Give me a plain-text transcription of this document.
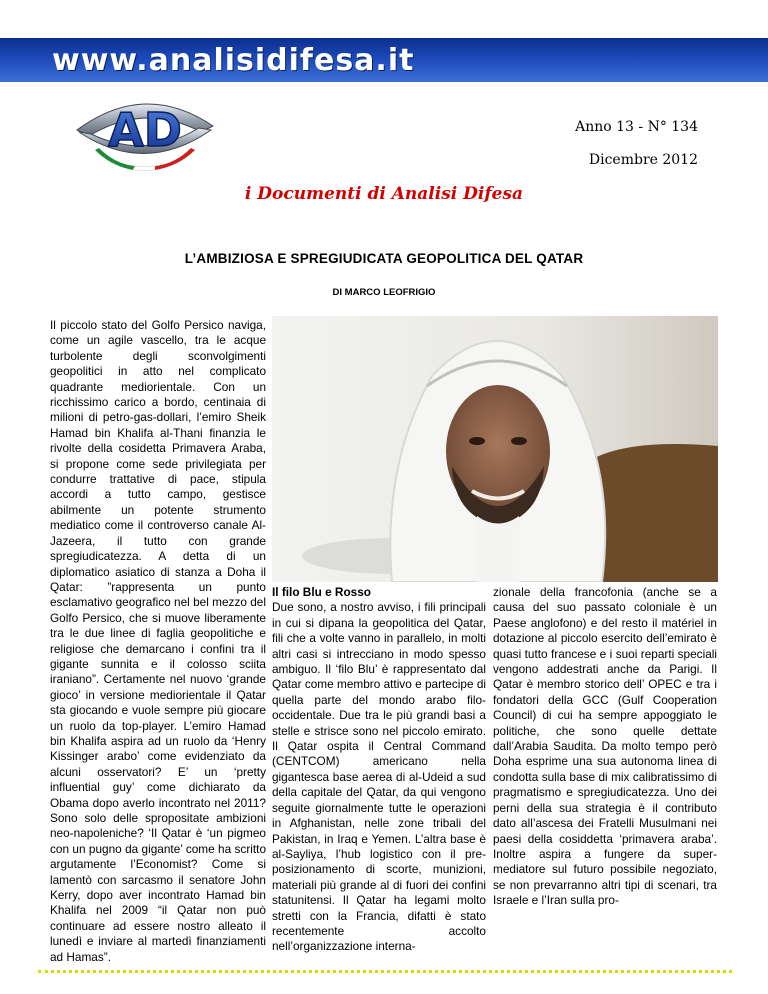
www.analisidifesa.it
AD	Anno 13 - N° 134
Dicembre 2012
i Documenti di Analisi Difesa
L’AMBIZIOSA E SPREGIUDICATA GEOPOLITICA DEL QATAR
DI MARCO LEOFRIGIO
Il piccolo stato del Golfo Persico naviga, come un agile vascello, tra le acque turbolente degli sconvolgimenti geopolitici in atto nel complicato quadrante mediorientale. Con un ricchissimo carico a bordo, centinaia di milioni di petro-gas-dollari, l’emiro Sheik Hamad bin Khalifa al-Thani finanzia le rivolte della cosidetta Primavera Araba, si propone come sede privilegiata per condurre trattative di pace, stipula accordi a tutto campo, gestisce abilmente un potente strumento mediatico come il controverso canale Al-Jazeera, il tutto con grande spregiudicatezza. A detta di un diplomatico asiatico di stanza a Doha il Qatar: ”rappresenta un punto esclamativo geografico nel bel mezzo del Golfo Persico, che si muove liberamente tra le due linee di faglia geopolitiche e religiose che demarcano i confini tra il gigante sunnita e il colosso sciita iraniano”. Certamente nel nuovo ‘grande gioco’ in versione mediorientale il Qatar sta giocando e vuole sempre più giocare un ruolo da top-player. L’emiro Hamad bin Khalifa aspira ad un ruolo da ‘Henry Kissinger arabo’ come evidenziato da alcuni osservatori? E’ un ‘pretty influential guy’ come dichiarato da Obama dopo averlo incontrato nel 2011? Sono solo delle spropositate ambizioni neo-napoleniche? ‘Il Qatar è ‘un pigmeo con un pugno da gigante’ come ha scritto argutamente l’Economist? Come si lamentò con sarcasmo il senatore John Kerry, dopo aver incontrato Hamad bin Khalifa nel 2009 “il Qatar non può continuare ad essere nostro alleato il lunedì e inviare al martedì finanziamenti ad Hamas”.
Il filo Blu e Rosso
Due sono, a nostro avviso, i fili principali in cui si dipana la geopolitica del Qatar, fili che a volte vanno in parallelo, in molti altri casi si intrecciano in modo spesso ambiguo. Il ‘filo Blu’ è rappresentato dal Qatar come membro attivo e partecipe di quella parte del mondo arabo filo-occidentale. Due tra le più grandi basi a stelle e strisce sono nel piccolo emirato. Il Qatar ospita il Central Command (CENTCOM) americano nella gigantesca base aerea di al-Udeid a sud della capitale del Qatar, da qui vengono seguite giornalmente tutte le operazioni in Afghanistan, nelle zone tribali del Pakistan, in Iraq e Yemen. L’altra base è al-Sayliya, l’hub logistico con il pre-posizionamento di scorte, munizioni, materiali più grande al di fuori dei confini statunitensi. Il Qatar ha legami molto stretti con la Francia, difatti è stato recentemente accolto nell’organizzazione interna-
zionale della francofonia (anche se a causa del suo passato coloniale è un Paese anglofono) e del resto il matériel in dotazione al piccolo esercito dell’emirato è quasi tutto francese e i suoi reparti speciali vengono addestrati anche da Parigi. Il Qatar è membro storico dell’ OPEC e tra i fondatori della GCC (Gulf Cooperation Council) di cui ha sempre appoggiato le politiche, che sono quelle dettate dall’Arabia Saudita. Da molto tempo però Doha esprime una sua autonoma linea di condotta sulla base di mix calibratissimo di pragmatismo e spregiudicatezza. Uno dei perni della sua strategia è il contributo dato all’ascesa dei Fratelli Musulmani nei paesi della cosiddetta ‘primavera araba’. Inoltre aspira a fungere da super-mediatore sul futuro possibile negoziato, se non prevarranno altri tipi di scenari, tra Israele e l’Iran sulla pro-
